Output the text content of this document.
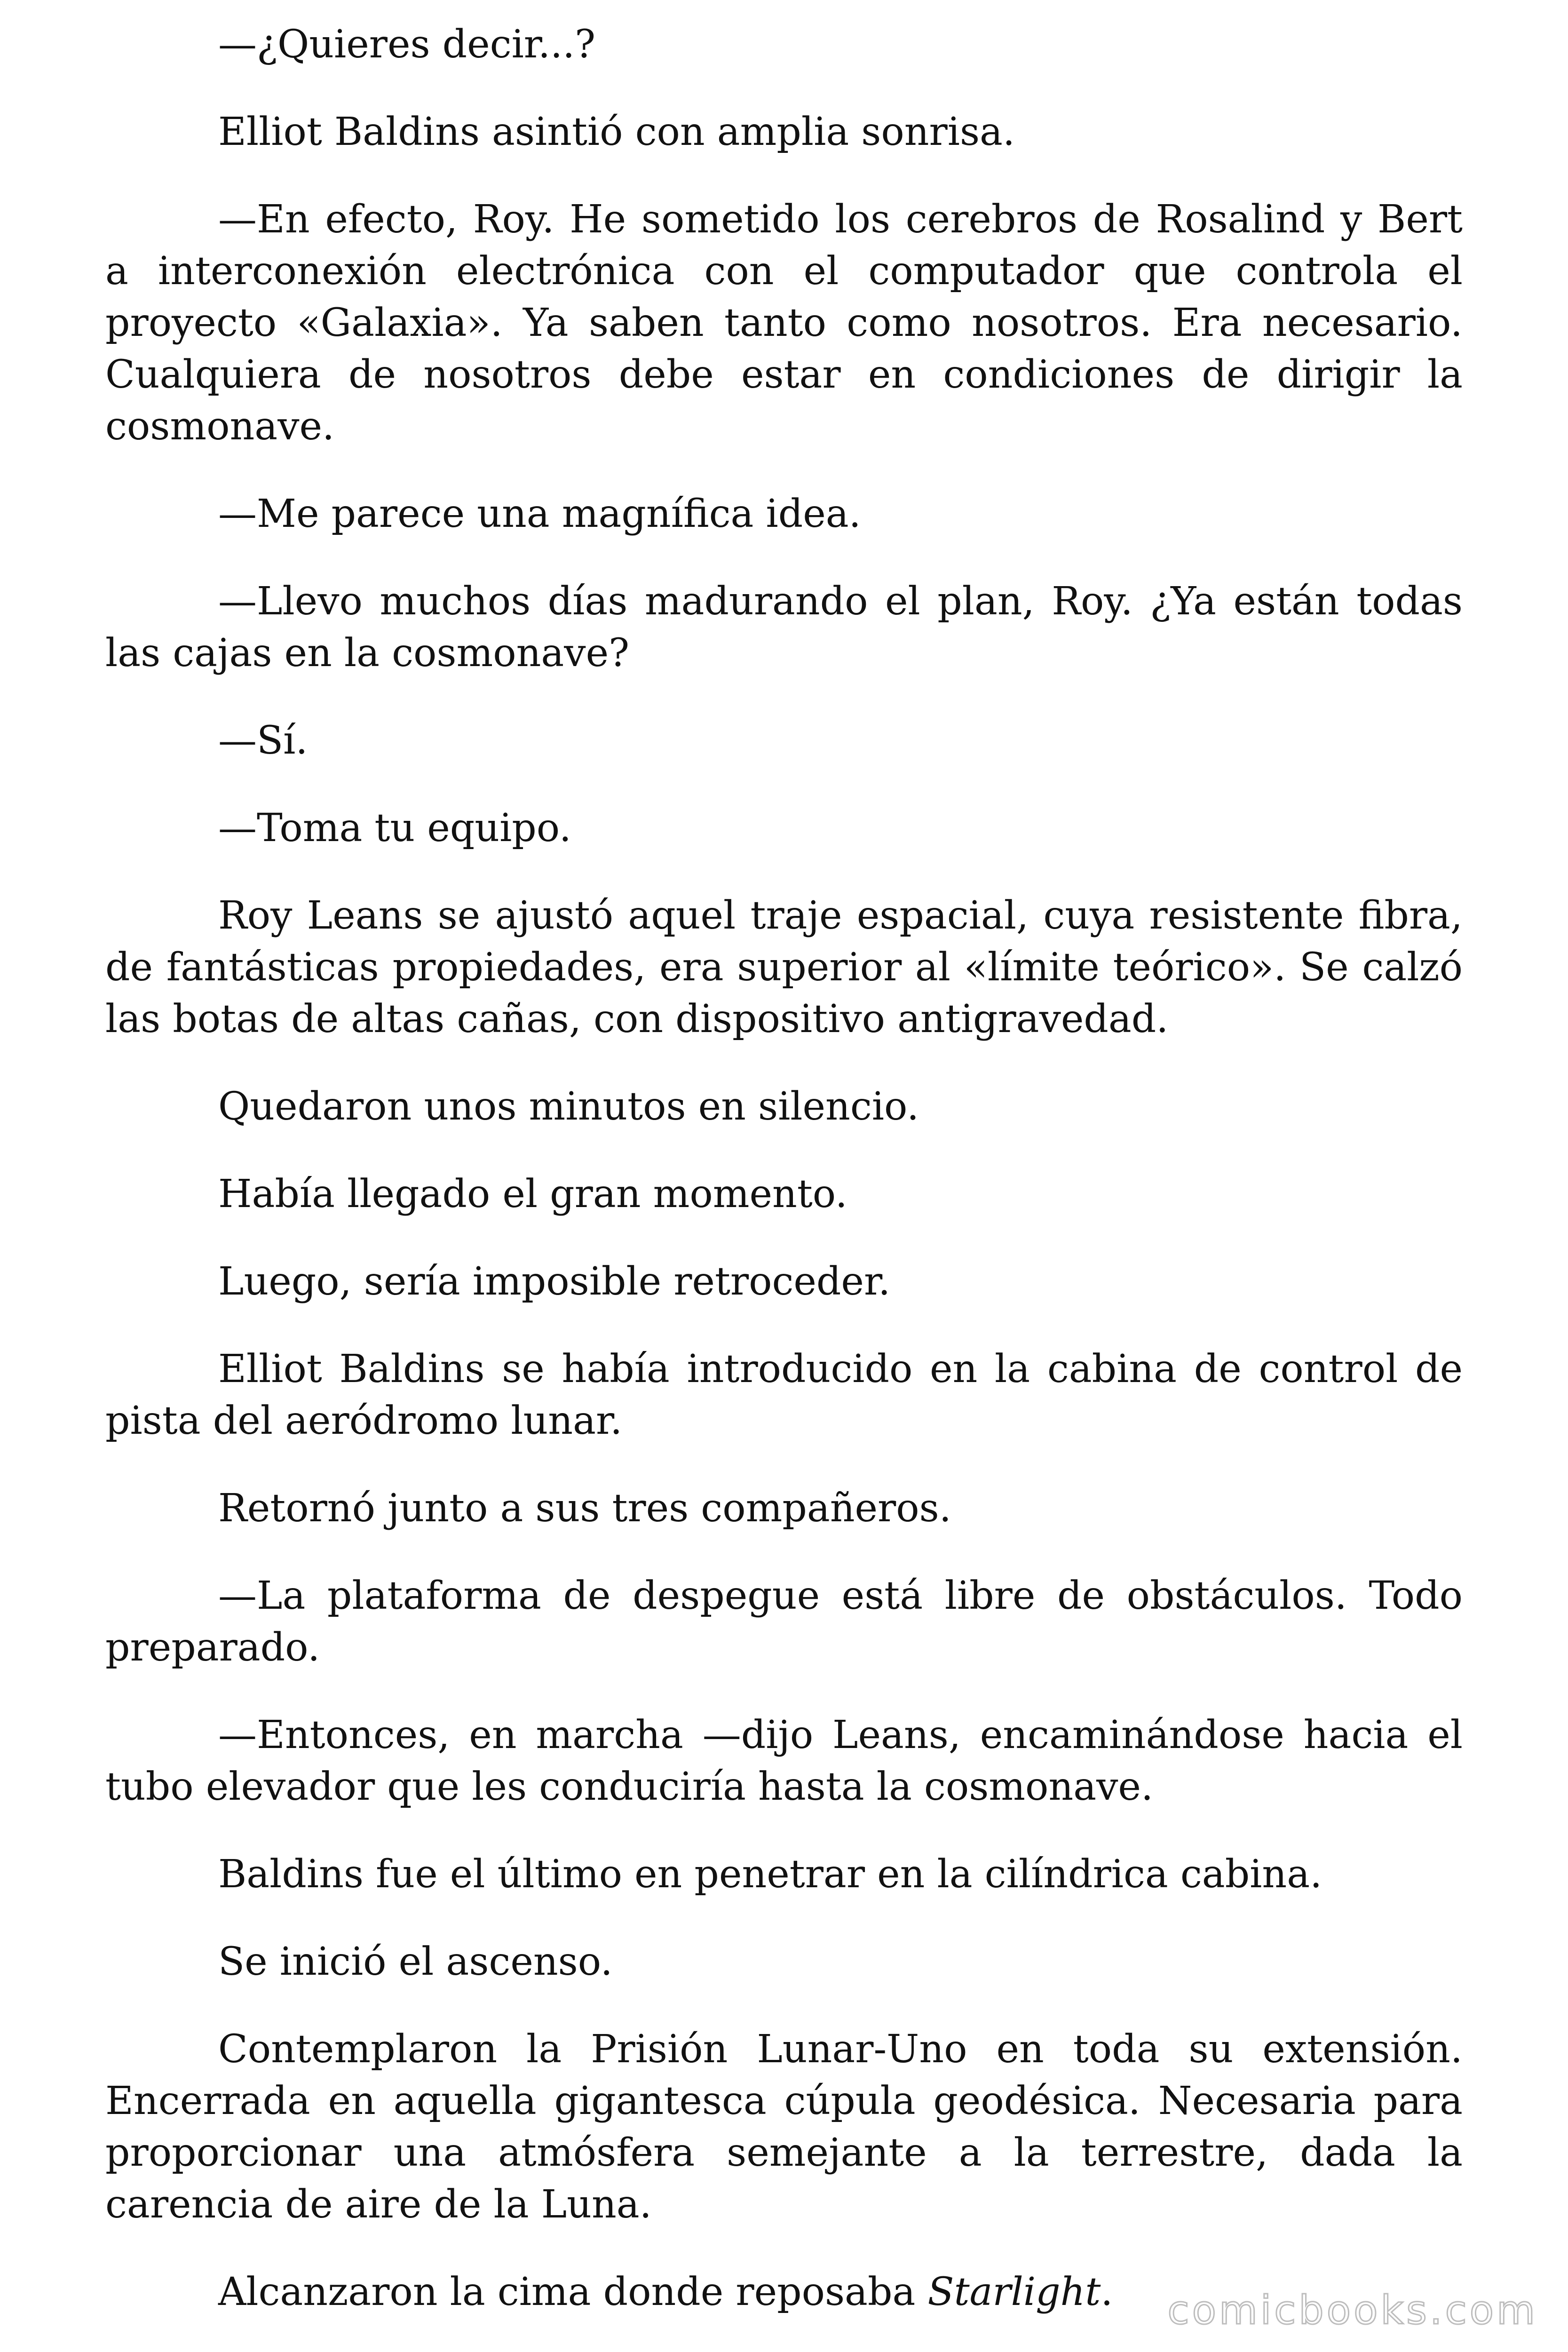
—¿Quieres decir...?

Elliot Baldins asintió con amplia sonrisa.

—En efecto, Roy. He sometido los cerebros de Rosalind y Bert a interconexión electrónica con el computador que controla el proyecto «Galaxia». Ya saben tanto como nosotros. Era necesario. Cualquiera de nosotros debe estar en condiciones de dirigir la cosmonave.

—Me parece una magnífica idea.

—Llevo muchos días madurando el plan, Roy. ¿Ya están todas las cajas en la cosmonave?

—Sí.

—Toma tu equipo.

Roy Leans se ajustó aquel traje espacial, cuya resistente fibra, de fantásticas propiedades, era superior al «límite teórico». Se calzó las botas de altas cañas, con dispositivo antigravedad.

Quedaron unos minutos en silencio.

Había llegado el gran momento.

Luego, sería imposible retroceder.

Elliot Baldins se había introducido en la cabina de control de pista del aeródromo lunar.

Retornó junto a sus tres compañeros.

—La plataforma de despegue está libre de obstáculos. Todo preparado.

—Entonces, en marcha —dijo Leans, encaminándose hacia el tubo elevador que les conduciría hasta la cosmonave.

Baldins fue el último en penetrar en la cilíndrica cabina.

Se inició el ascenso.

Contemplaron la Prisión Lunar-Uno en toda su extensión. Encerrada en aquella gigantesca cúpula geodésica. Necesaria para proporcionar una atmósfera semejante a la terrestre, dada la carencia de aire de la Luna.

Alcanzaron la cima donde reposaba Starlight.	comicbooks.com
